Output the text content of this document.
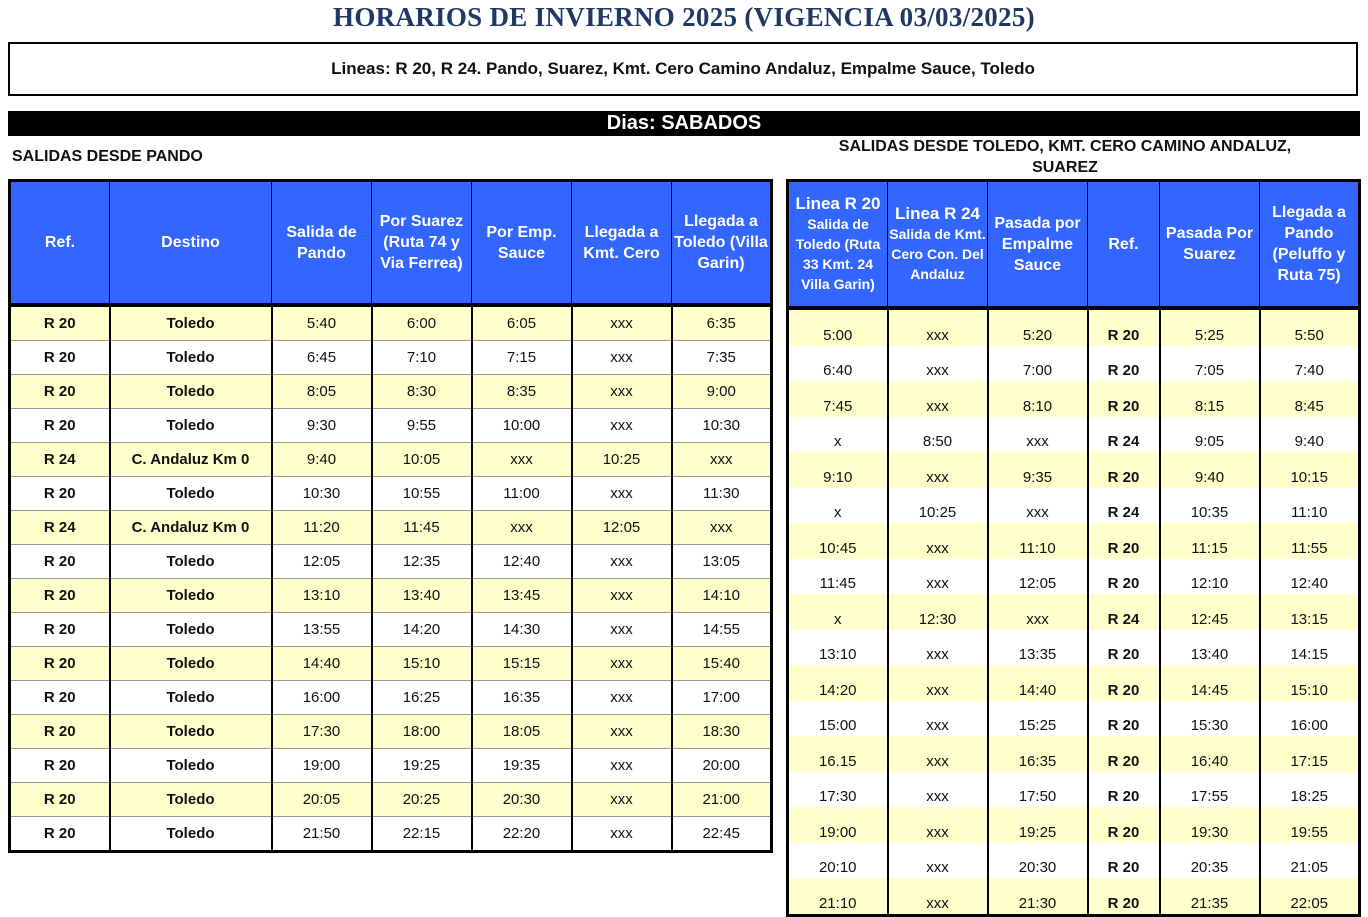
HORARIOS DE INVIERNO 2025 (VIGENCIA 03/03/2025)
Lineas: R 20, R 24. Pando, Suarez, Kmt. Cero Camino Andaluz, Empalme Sauce, Toledo
Dias: SABADOS
SALIDAS DESDE PANDO
SALIDAS DESDE TOLEDO, KMT. CERO CAMINO ANDALUZ,
SUAREZ
Ref.	Destino	Salida de Pando	Por Suarez (Ruta 74 y Via Ferrea)	Por Emp. Sauce	Llegada a Kmt. Cero	Llegada a Toledo (Villa Garin)
R 20	Toledo	5:40	6:00	6:05	xxx	6:35
R 20	Toledo	6:45	7:10	7:15	xxx	7:35
R 20	Toledo	8:05	8:30	8:35	xxx	9:00
R 20	Toledo	9:30	9:55	10:00	xxx	10:30
R 24	C. Andaluz Km 0	9:40	10:05	xxx	10:25	xxx
R 20	Toledo	10:30	10:55	11:00	xxx	11:30
R 24	C. Andaluz Km 0	11:20	11:45	xxx	12:05	xxx
R 20	Toledo	12:05	12:35	12:40	xxx	13:05
R 20	Toledo	13:10	13:40	13:45	xxx	14:10
R 20	Toledo	13:55	14:20	14:30	xxx	14:55
R 20	Toledo	14:40	15:10	15:15	xxx	15:40
R 20	Toledo	16:00	16:25	16:35	xxx	17:00
R 20	Toledo	17:30	18:00	18:05	xxx	18:30
R 20	Toledo	19:00	19:25	19:35	xxx	20:00
R 20	Toledo	20:05	20:25	20:30	xxx	21:00
R 20	Toledo	21:50	22:15	22:20	xxx	22:45
Linea R 20 Salida de Toledo (Ruta 33 Kmt. 24 Villa Garin)	Linea R 24 Salida de Kmt. Cero Con. Del Andaluz	Pasada por Empalme Sauce	Ref.	Pasada Por Suarez	Llegada a Pando (Peluffo y Ruta 75)
5:00	xxx	5:20	R 20	5:25	5:50
6:40	xxx	7:00	R 20	7:05	7:40
7:45	xxx	8:10	R 20	8:15	8:45
x	8:50	xxx	R 24	9:05	9:40
9:10	xxx	9:35	R 20	9:40	10:15
x	10:25	xxx	R 24	10:35	11:10
10:45	xxx	11:10	R 20	11:15	11:55
11:45	xxx	12:05	R 20	12:10	12:40
x	12:30	xxx	R 24	12:45	13:15
13:10	xxx	13:35	R 20	13:40	14:15
14:20	xxx	14:40	R 20	14:45	15:10
15:00	xxx	15:25	R 20	15:30	16:00
16.15	xxx	16:35	R 20	16:40	17:15
17:30	xxx	17:50	R 20	17:55	18:25
19:00	xxx	19:25	R 20	19:30	19:55
20:10	xxx	20:30	R 20	20:35	21:05
21:10	xxx	21:30	R 20	21:35	22:05
